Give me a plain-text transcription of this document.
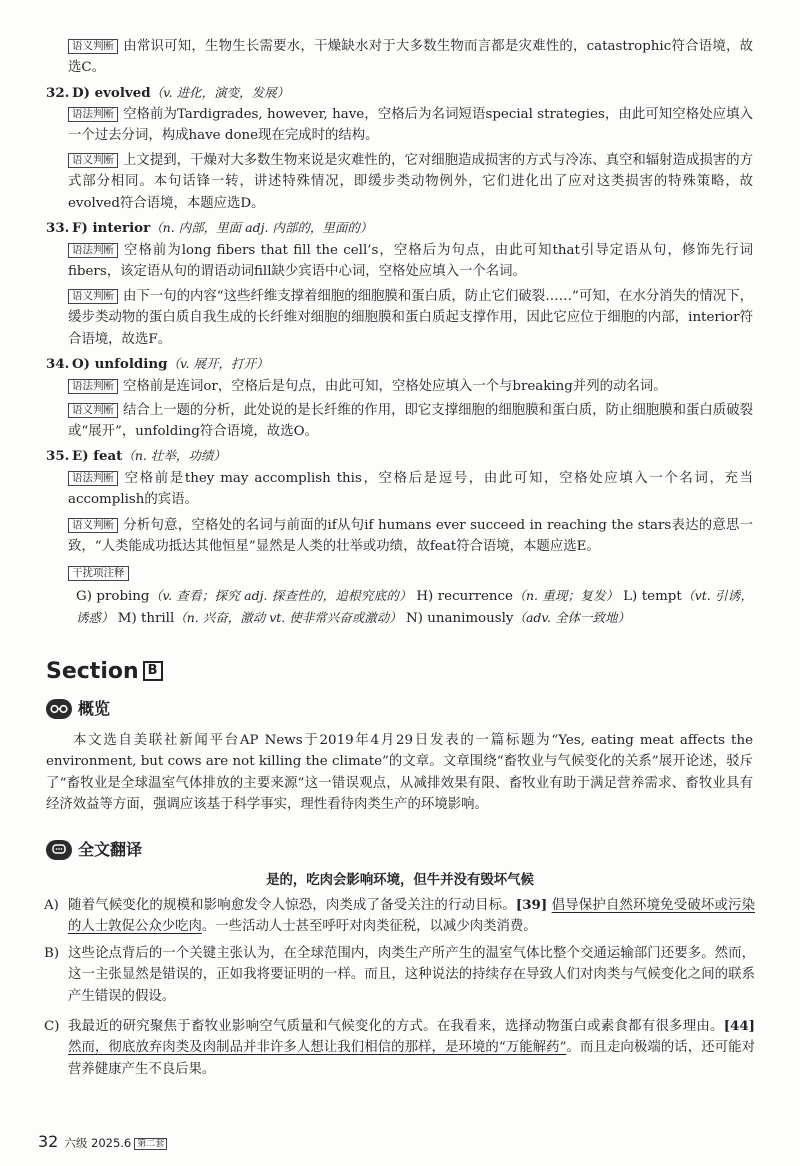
语义判断 由常识可知，生物生长需要水，干燥缺水对于大多数生物而言都是灾难性的，catastrophic符合语境，故选C。

32. D) evolved（v. 进化，演变，发展）

语法判断 空格前为Tardigrades, however, have，空格后为名词短语special strategies，由此可知空格处应填入一个过去分词，构成have done现在完成时的结构。

语义判断 上文提到，干燥对大多数生物来说是灾难性的，它对细胞造成损害的方式与冷冻、真空和辐射造成损害的方式部分相同。本句话锋一转，讲述特殊情况，即缓步类动物例外，它们进化出了应对这类损害的特殊策略，故evolved符合语境，本题应选D。

33. F) interior（n. 内部，里面 adj. 内部的，里面的）

语法判断 空格前为long fibers that fill the cell’s，空格后为句点，由此可知that引导定语从句，修饰先行词fibers，该定语从句的谓语动词fill缺少宾语中心词，空格处应填入一个名词。

语义判断 由下一句的内容“这些纤维支撑着细胞的细胞膜和蛋白质，防止它们破裂……”可知，在水分消失的情况下，缓步类动物的蛋白质自我生成的长纤维对细胞的细胞膜和蛋白质起支撑作用，因此它应位于细胞的内部，interior符合语境，故选F。

34. O) unfolding（v. 展开，打开）

语法判断 空格前是连词or，空格后是句点，由此可知，空格处应填入一个与breaking并列的动名词。

语义判断 结合上一题的分析，此处说的是长纤维的作用，即它支撑细胞的细胞膜和蛋白质，防止细胞膜和蛋白质破裂或“展开”，unfolding符合语境，故选O。

35. E) feat（n. 壮举，功绩）

语法判断 空格前是they may accomplish this，空格后是逗号，由此可知，空格处应填入一个名词，充当accomplish的宾语。

语义判断 分析句意，空格处的名词与前面的if从句if humans ever succeed in reaching the stars表达的意思一致，“人类能成功抵达其他恒星”显然是人类的壮举或功绩，故feat符合语境，本题应选E。

干扰项注释
G) probing（v. 查看；探究 adj. 探查性的，追根究底的） H) recurrence（n. 重现；复发） L) tempt（vt. 引诱，诱惑） M) thrill（n. 兴奋，激动 vt. 使非常兴奋或激动） N) unanimously（adv. 全体一致地）
Section B
概览
本文选自美联社新闻平台AP News于2019年4月29日发表的一篇标题为“Yes, eating meat affects the environment, but cows are not killing the climate”的文章。文章围绕“畜牧业与气候变化的关系”展开论述，驳斥了“畜牧业是全球温室气体排放的主要来源”这一错误观点，从减排效果有限、畜牧业有助于满足营养需求、畜牧业具有经济效益等方面，强调应该基于科学事实，理性看待肉类生产的环境影响。
全文翻译
是的，吃肉会影响环境，但牛并没有毁坏气候
A) 随着气候变化的规模和影响愈发令人惊恐，肉类成了备受关注的行动目标。[39] 倡导保护自然环境免受破坏或污染的人士敦促公众少吃肉。一些活动人士甚至呼吁对肉类征税，以减少肉类消费。
B) 这些论点背后的一个关键主张认为，在全球范围内，肉类生产所产生的温室气体比整个交通运输部门还要多。然而，这一主张显然是错误的，正如我将要证明的一样。而且，这种说法的持续存在导致人们对肉类与气候变化之间的联系产生错误的假设。
C) 我最近的研究聚焦于畜牧业影响空气质量和气候变化的方式。在我看来，选择动物蛋白或素食都有很多理由。[44] 然而，彻底放弃肉类及肉制品并非许多人想让我们相信的那样，是环境的“万能解药”。而且走向极端的话，还可能对营养健康产生不良后果。
32 六级 2025.6 第二套
